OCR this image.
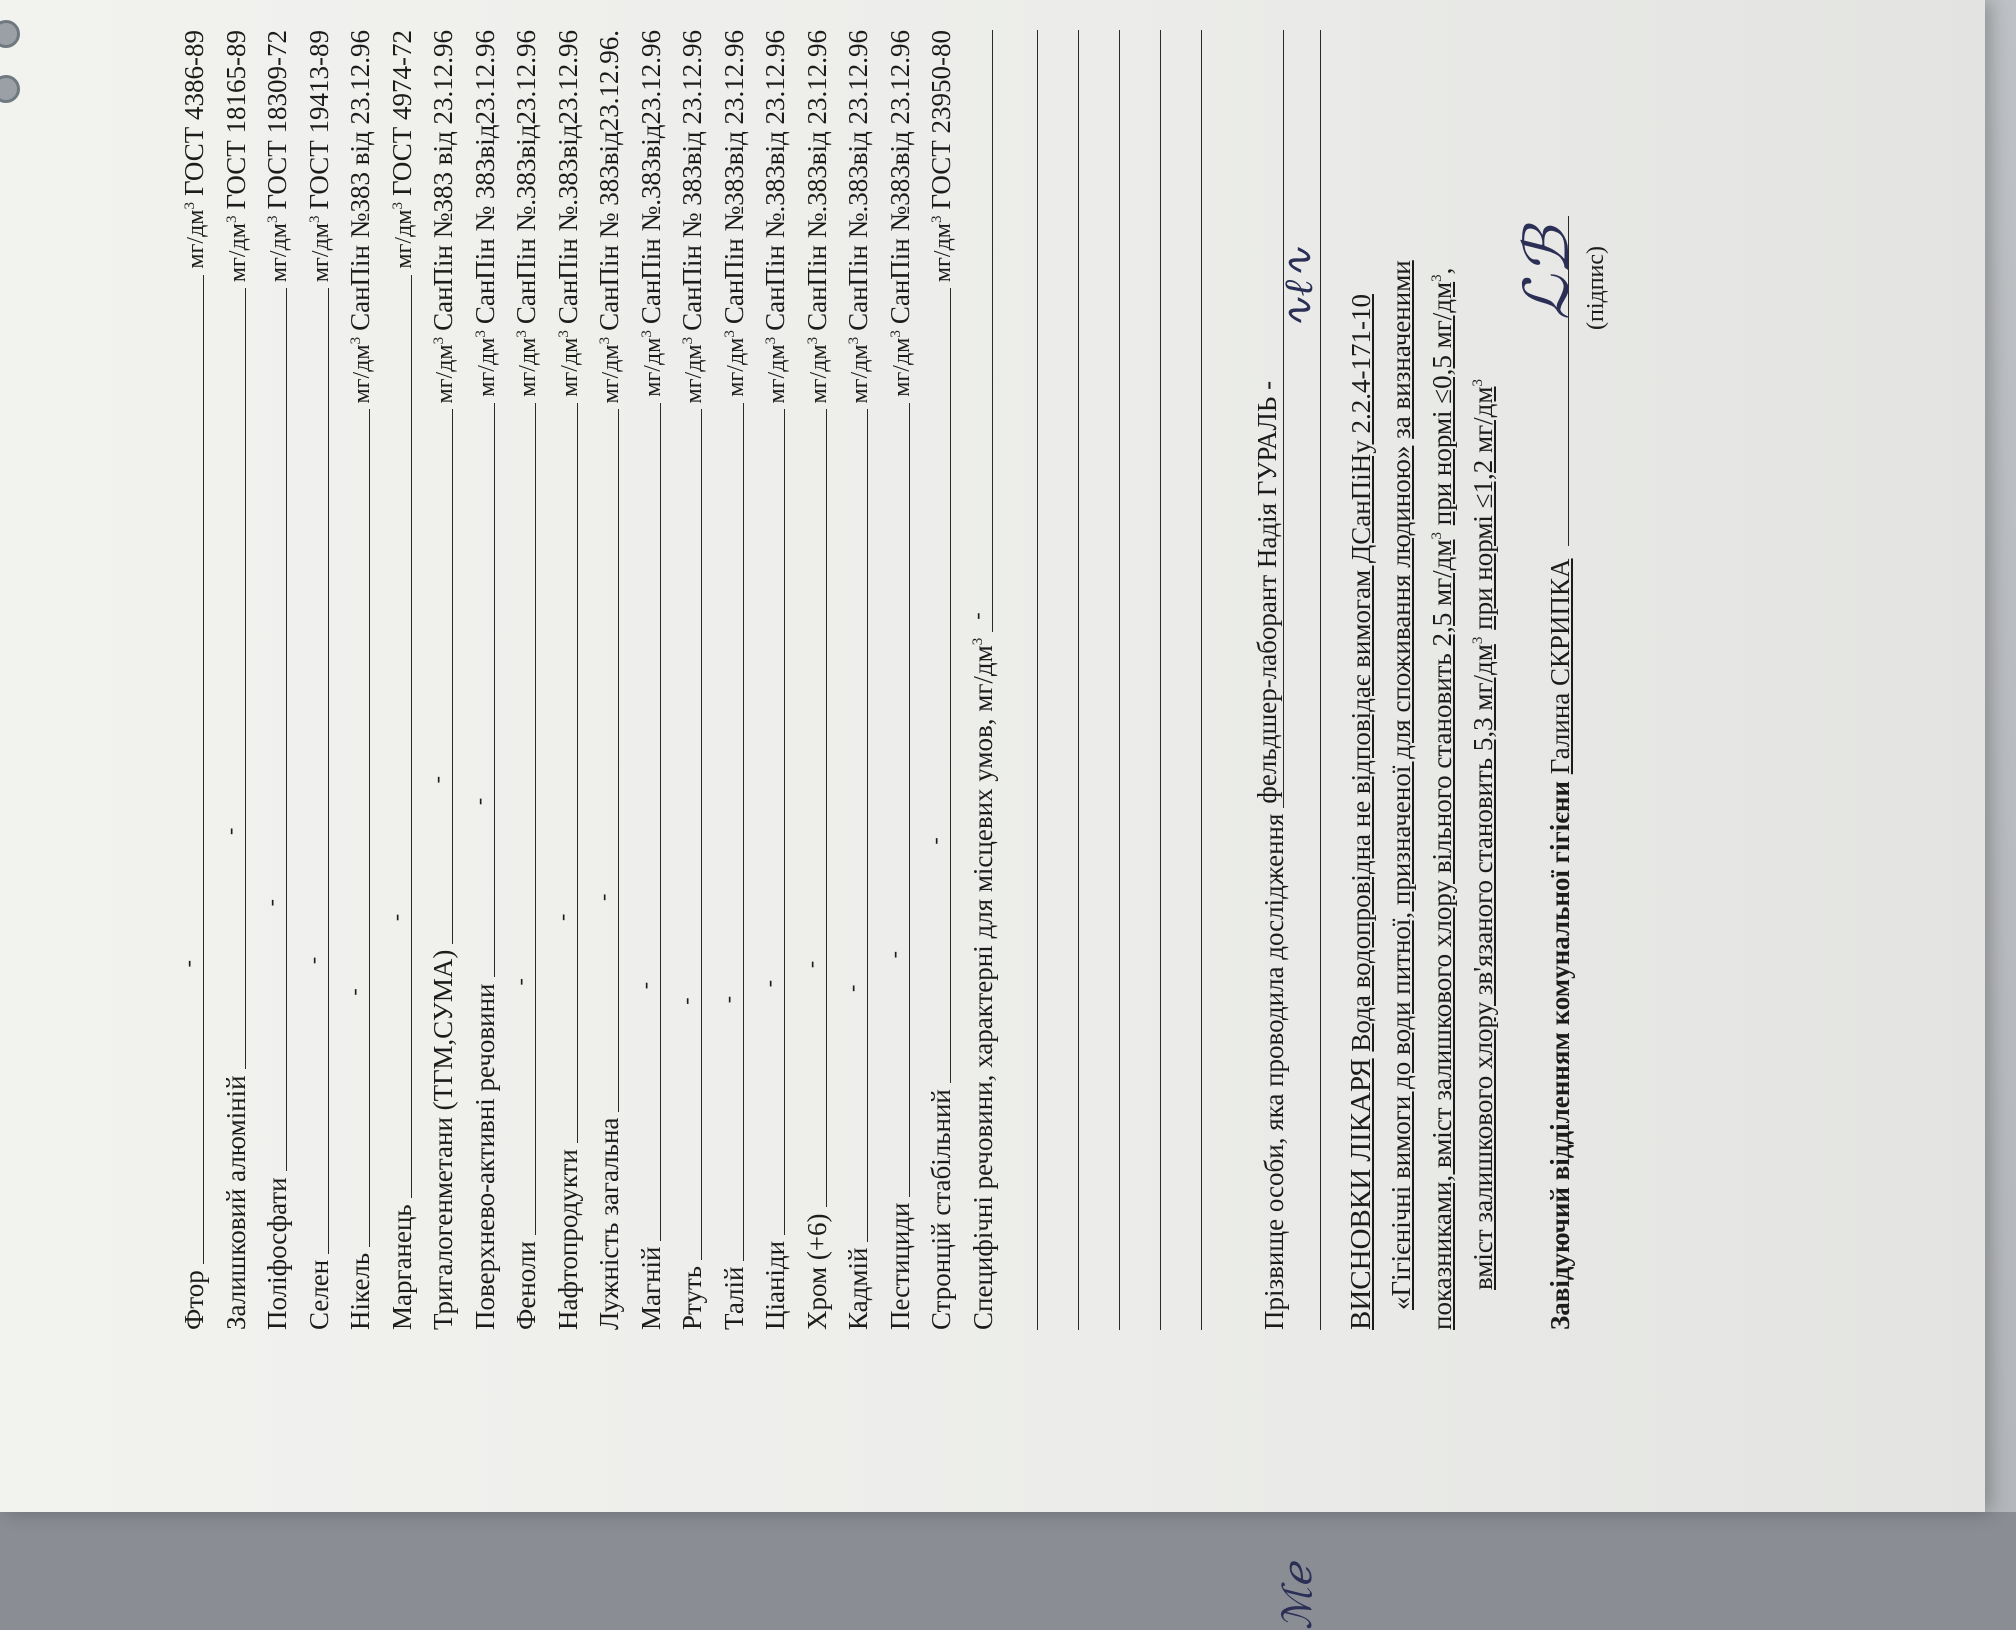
Фтор
-
$мг/дм^3$
ГОСТ 4386-89
Залишковий алюміній
-
$мг/дм^3$
ГОСТ 18165-89
Поліфосфати
-
$мг/дм^3$
ГОСТ 18309-72
Селен
-
$мг/дм^3$
ГОСТ 19413-89
Нікель
-
$мг/дм^3$
СанПін №383 від 23.12.96
Марганець
-
$мг/дм^3$
ГОСТ 4974-72
Тригалогенметани (ТГМ,СУМА)
-
$мг/дм^3$
СанПін №383 від 23.12.96
Поверхнево-активні речовини
-
$мг/дм^3$
СанПін № 383від23.12.96
Феноли
-
$мг/дм^3$
СанПін №.383від23.12.96
Нафтопродукти
-
$мг/дм^3$
СанПін №.383від23.12.96
Лужність загальна
-
$мг/дм^3$
СанПін № 383від23.12.96.
Магній
-
$мг/дм^3$
СанПін №.383від23.12.96
Ртуть
-
$мг/дм^3$
СанПін № 383від 23.12.96
Талій
-
$мг/дм^3$
СанПін №383від 23.12.96
Ціаніди
-
$мг/дм^3$
СанПін №.383від 23.12.96
Хром (+6)
-
$мг/дм^3$
СанПін №.383від 23.12.96
Кадмій
-
$мг/дм^3$
СанПін №.383від 23.12.96
Пестициди
-
$мг/дм^3$
СанПін №383від 23.12.96
Стронцій стабільний
-
$мг/дм^3$
ГОСТ 23950-80
Специфічні речовини, характерні для місцевих умов, $мг/дм^3$
-
Прізвище особи, яка проводила дослідження
фельдшер-лаборант Надія ГУРАЛЬ -
ВИСНОВКИ ЛІКАРЯ Вода водопровідна не відповідає вимогам ДСанПіНу 2.2.4-171-10 «Гігієнічні вимоги до води питної, призначеної для споживання людиною» за визначеними
показниками, вміст залишкового хлору вільного становить 2,5 $мг/дм^3$ при нормі ≤0,5 $мг/дм^3$,
вміст залишкового хлору зв'язаного становить 5,3 $мг/дм^3$ при нормі ≤1,2 $мг/дм^3$
Завідуючий відділенням комунальної гігієни Галина СКРИПКА
(підпис)
∿ℓ∿	ℒℬ
ℳℯ
